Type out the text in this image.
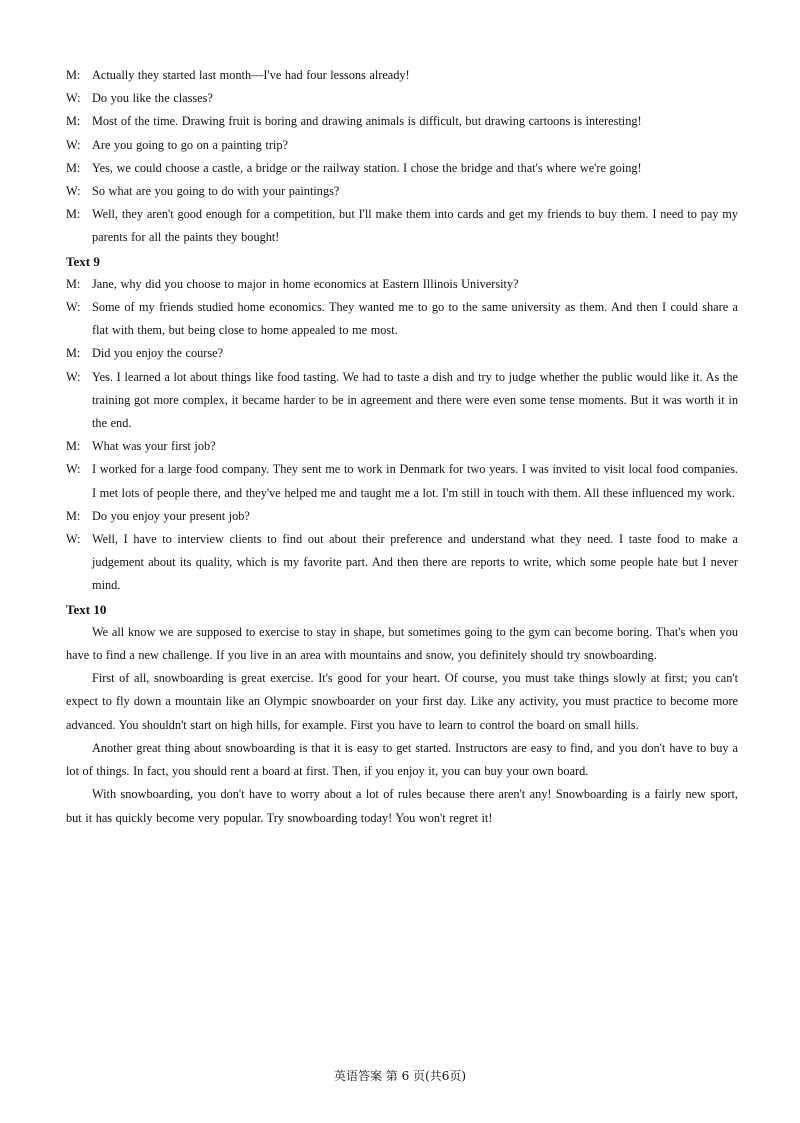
M: Actually they started last month—I've had four lessons already!

W: Do you like the classes?

M: Most of the time. Drawing fruit is boring and drawing animals is difficult, but drawing cartoons is interesting!

W: Are you going to go on a painting trip?

M: Yes, we could choose a castle, a bridge or the railway station. I chose the bridge and that's where we're going!

W: So what are you going to do with your paintings?

M: Well, they aren't good enough for a competition, but I'll make them into cards and get my friends to buy them. I need to pay my parents for all the paints they bought!

Text 9

M: Jane, why did you choose to major in home economics at Eastern Illinois University?

W: Some of my friends studied home economics. They wanted me to go to the same university as them. And then I could share a flat with them, but being close to home appealed to me most.

M: Did you enjoy the course?

W: Yes. I learned a lot about things like food tasting. We had to taste a dish and try to judge whether the public would like it. As the training got more complex, it became harder to be in agreement and there were even some tense moments. But it was worth it in the end.

M: What was your first job?

W: I worked for a large food company. They sent me to work in Denmark for two years. I was invited to visit local food companies. I met lots of people there, and they've helped me and taught me a lot. I'm still in touch with them. All these influenced my work.

M: Do you enjoy your present job?

W: Well, I have to interview clients to find out about their preference and understand what they need. I taste food to make a judgement about its quality, which is my favorite part. And then there are reports to write, which some people hate but I never mind.

Text 10

We all know we are supposed to exercise to stay in shape, but sometimes going to the gym can become boring. That's when you have to find a new challenge. If you live in an area with mountains and snow, you definitely should try snowboarding.

First of all, snowboarding is great exercise. It's good for your heart. Of course, you must take things slowly at first; you can't expect to fly down a mountain like an Olympic snowboarder on your first day. Like any activity, you must practice to become more advanced. You shouldn't start on high hills, for example. First you have to learn to control the board on small hills.

Another great thing about snowboarding is that it is easy to get started. Instructors are easy to find, and you don't have to buy a lot of things. In fact, you should rent a board at first. Then, if you enjoy it, you can buy your own board.

With snowboarding, you don't have to worry about a lot of rules because there aren't any! Snowboarding is a fairly new sport, but it has quickly become very popular. Try snowboarding today! You won't regret it!

英语答案 第 6 页(共6页)
